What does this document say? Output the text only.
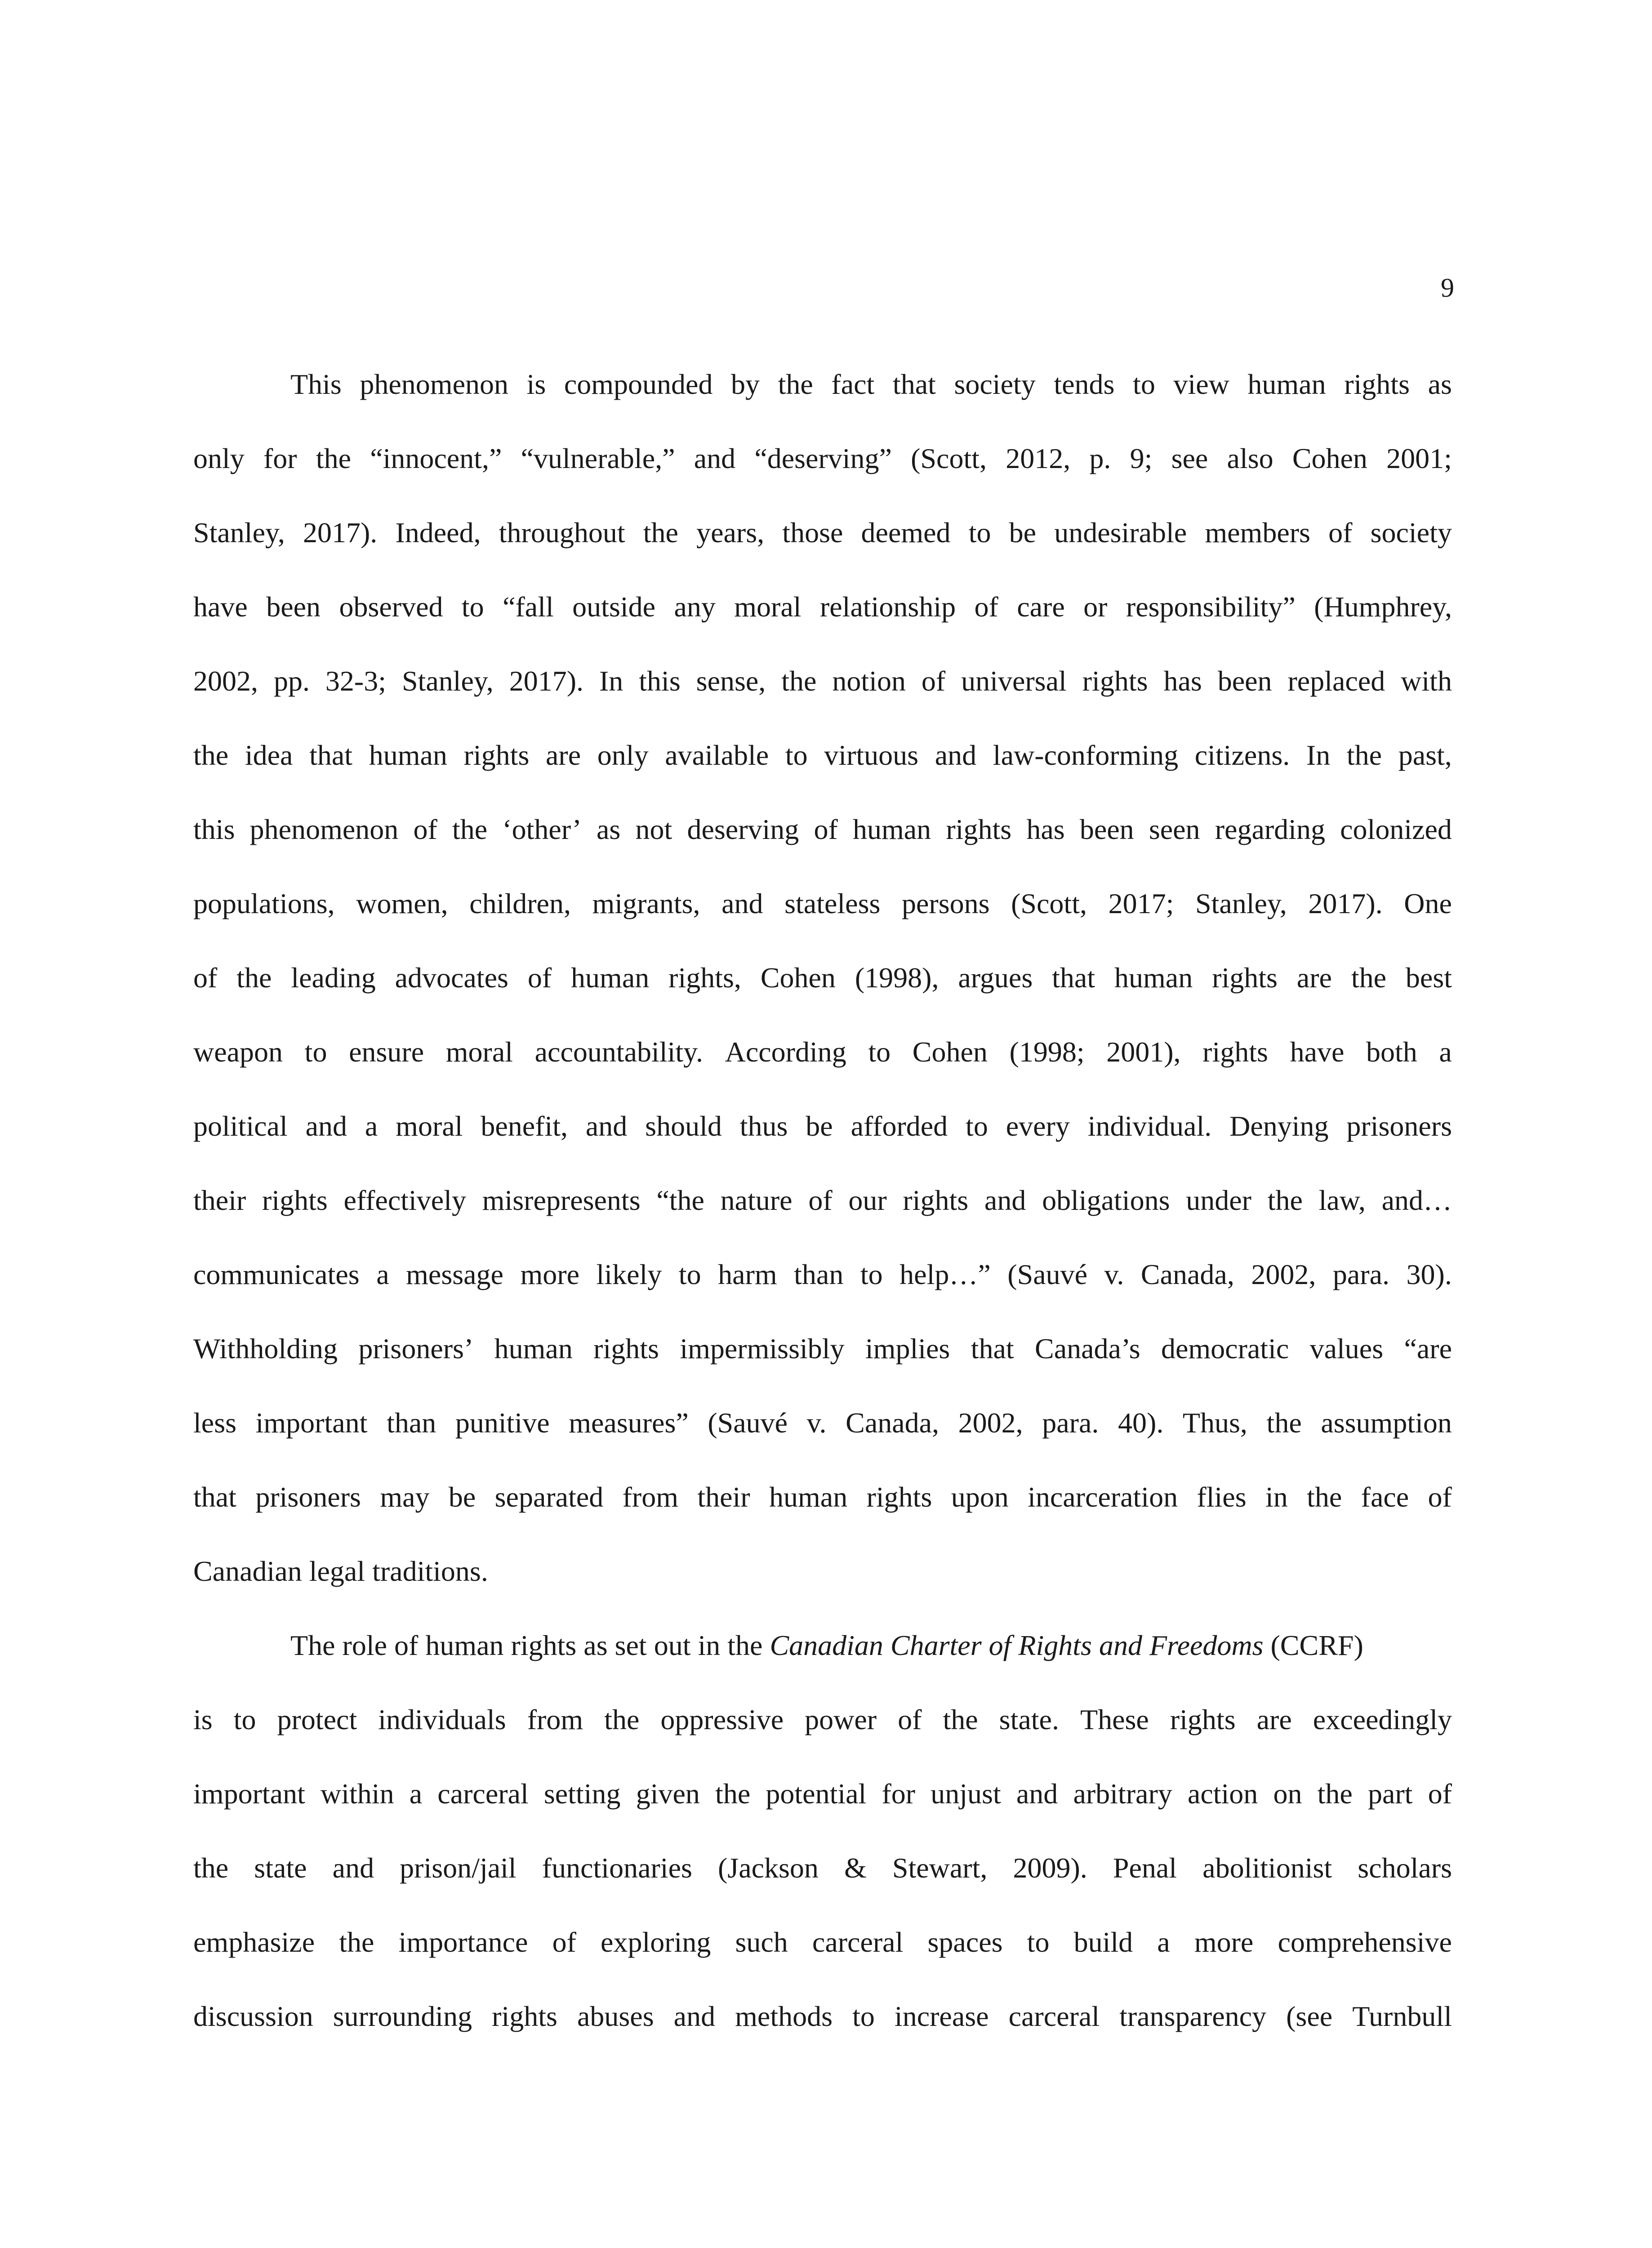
9
This phenomenon is compounded by the fact that society tends to view human rights as
only for the “innocent,” “vulnerable,” and “deserving” (Scott, 2012, p. 9; see also Cohen 2001;
Stanley, 2017). Indeed, throughout the years, those deemed to be undesirable members of society
have been observed to “fall outside any moral relationship of care or responsibility” (Humphrey,
2002, pp. 32-3; Stanley, 2017). In this sense, the notion of universal rights has been replaced with
the idea that human rights are only available to virtuous and law-conforming citizens. In the past,
this phenomenon of the ‘other’ as not deserving of human rights has been seen regarding colonized
populations, women, children, migrants, and stateless persons (Scott, 2017; Stanley, 2017). One
of the leading advocates of human rights, Cohen (1998), argues that human rights are the best
weapon to ensure moral accountability. According to Cohen (1998; 2001), rights have both a
political and a moral benefit, and should thus be afforded to every individual. Denying prisoners
their rights effectively misrepresents “the nature of our rights and obligations under the law, and…
communicates a message more likely to harm than to help…” (Sauvé v. Canada, 2002, para. 30).
Withholding prisoners’ human rights impermissibly implies that Canada’s democratic values “are
less important than punitive measures” (Sauvé v. Canada, 2002, para. 40). Thus, the assumption
that prisoners may be separated from their human rights upon incarceration flies in the face of
Canadian legal traditions.
The role of human rights as set out in the Canadian Charter of Rights and Freedoms (CCRF)
is to protect individuals from the oppressive power of the state. These rights are exceedingly
important within a carceral setting given the potential for unjust and arbitrary action on the part of
the state and prison/jail functionaries (Jackson & Stewart, 2009). Penal abolitionist scholars
emphasize the importance of exploring such carceral spaces to build a more comprehensive
discussion surrounding rights abuses and methods to increase carceral transparency (see Turnbull
